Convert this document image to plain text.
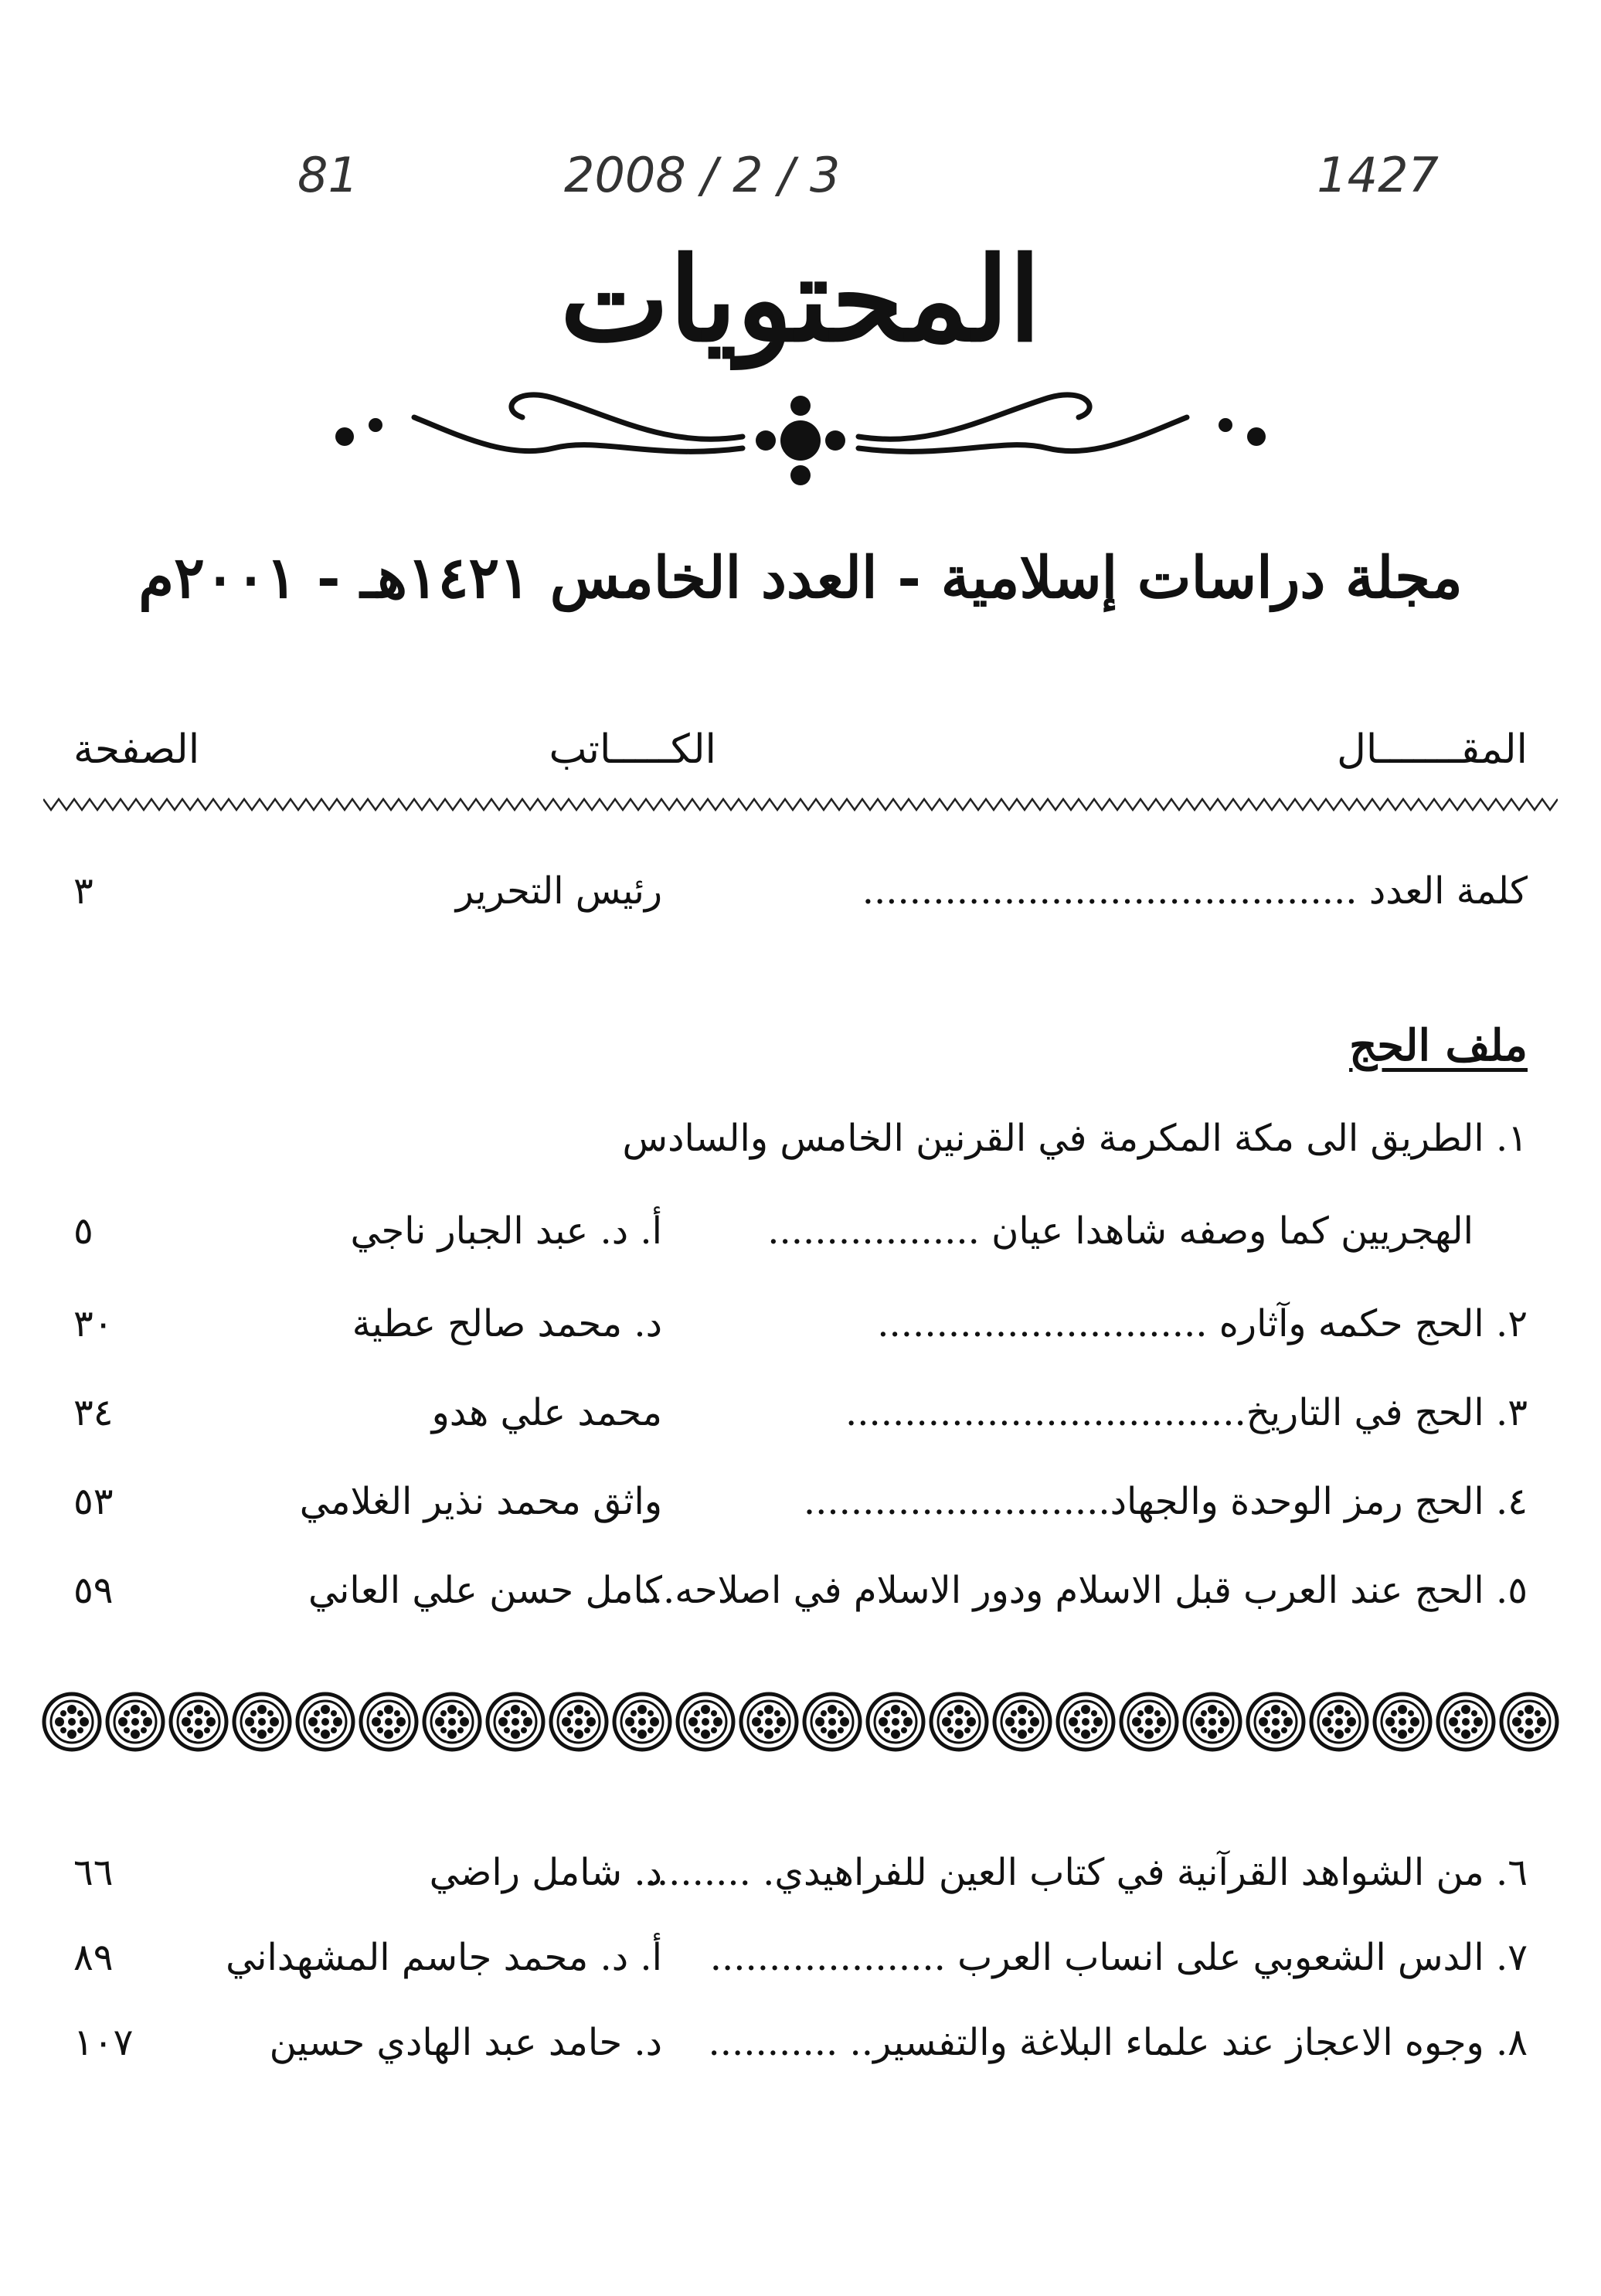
1427
2008 / 2 / 3
81
المحتويات
مجلة دراسات إسلامية - العدد الخامس ١٤٢١هـ - ٢٠٠١م
المقـــــــال
الكـــــاتب
الصفحة
كلمة العدد ..........................................
رئيس التحرير
٣
ملف الحج
١. الطريق الى مكة المكرمة في القرنين الخامس والسادس
الهجريين كما وصفه شاهدا عيان ..................
أ. د. عبد الجبار ناجي
٥
٢. الحج حكمه وآثاره ............................
د. محمد صالح عطية
٣٠
٣. الحج في التاريخ..................................
محمد علي هدو
٣٤
٤. الحج رمز الوحدة والجهاد..........................
واثق محمد نذير الغلامي
٥٣
٥. الحج عند العرب قبل الاسلام ودور الاسلام في اصلاحه...
كامل حسن علي العاني
٥٩
٦. من الشواهد القرآنية في كتاب العين للفراهيدي. .........
د. شامل راضي
٦٦
٧. الدس الشعوبي على انساب العرب ....................
أ. د. محمد جاسم المشهداني
٨٩
٨. وجوه الاعجاز عند علماء البلاغة والتفسير.. ...........
د. حامد عبد الهادي حسين
١٠٧
